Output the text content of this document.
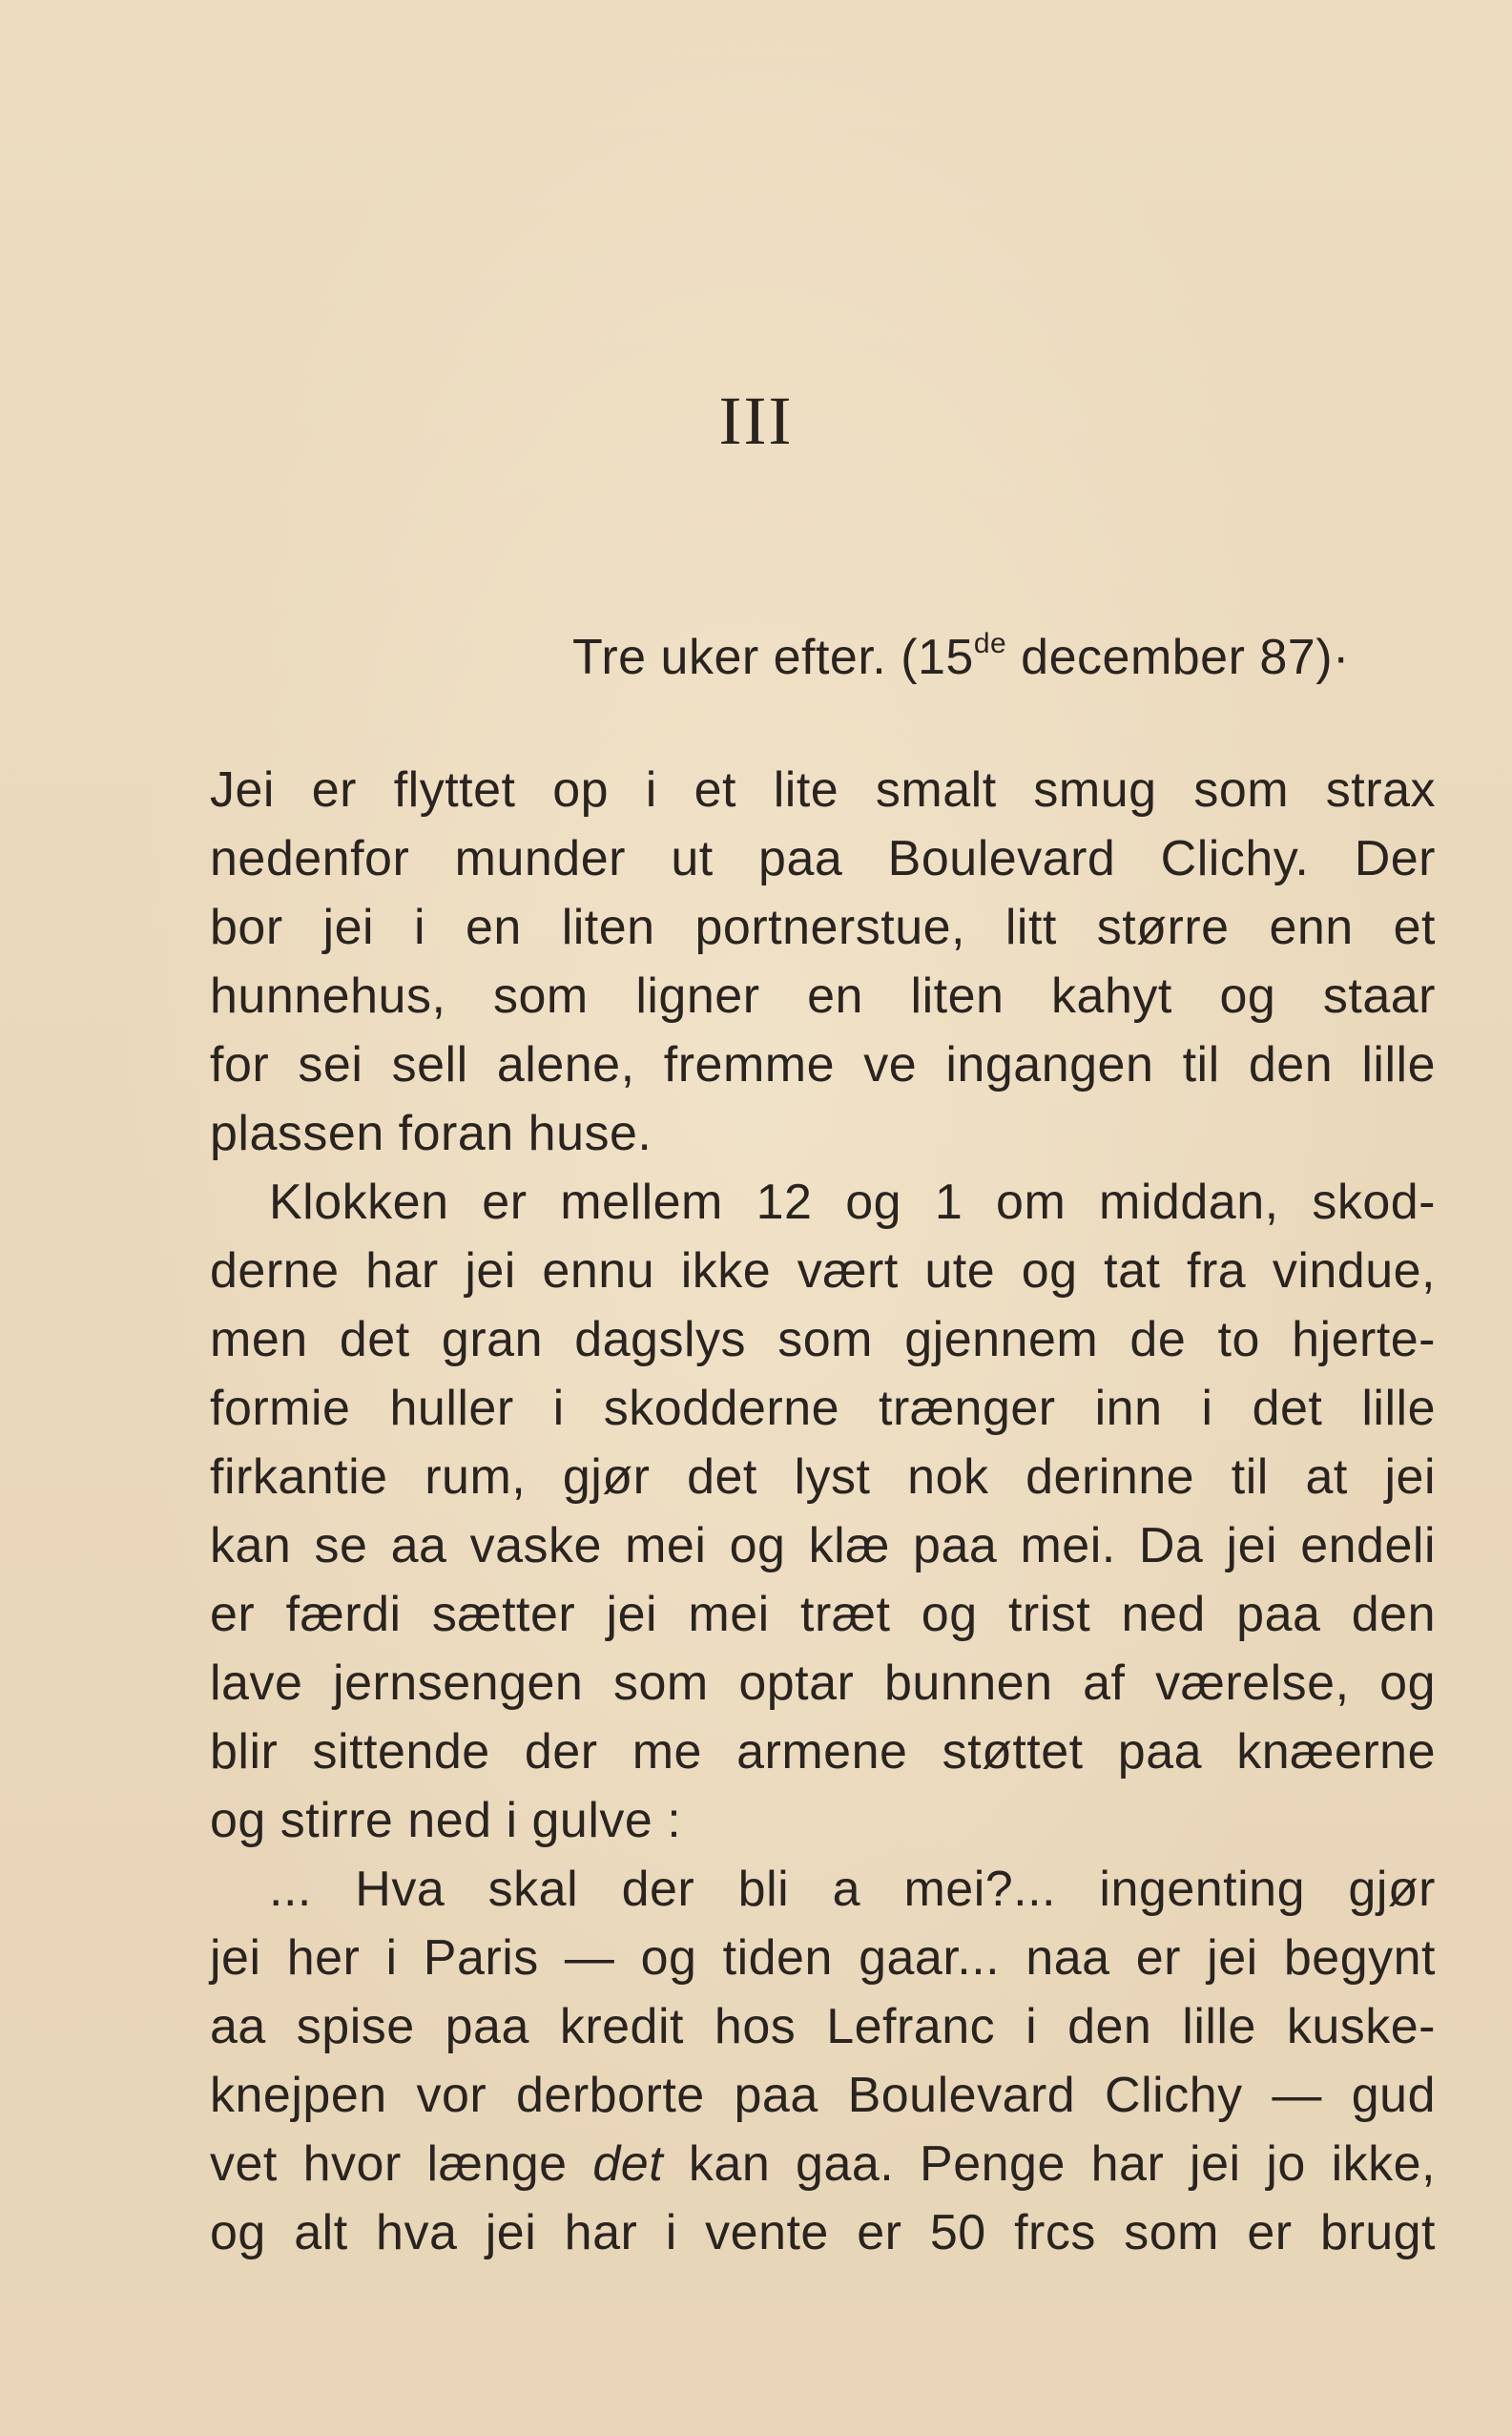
III
Tre uker efter. (15de december 87)·
Jei er flyttet op i et lite smalt smug som strax
nedenfor munder ut paa Boulevard Clichy. Der
bor jei i en liten portnerstue, litt større enn et
hunnehus, som ligner en liten kahyt og staar
for sei sell alene, fremme ve ingangen til den lille
plassen foran huse.
Klokken er mellem 12 og 1 om middan, skod-
derne har jei ennu ikke vært ute og tat fra vindue,
men det gran dagslys som gjennem de to hjerte-
formie huller i skodderne trænger inn i det lille
firkantie rum, gjør det lyst nok derinne til at jei
kan se aa vaske mei og klæ paa mei. Da jei endeli
er færdi sætter jei mei træt og trist ned paa den
lave jernsengen som optar bunnen af værelse, og
blir sittende der me armene støttet paa knæerne
og stirre ned i gulve :
... Hva skal der bli a mei?... ingenting gjør
jei her i Paris — og tiden gaar... naa er jei begynt
aa spise paa kredit hos Lefranc i den lille kuske-
knejpen vor derborte paa Boulevard Clichy — gud
vet hvor længe det kan gaa. Penge har jei jo ikke,
og alt hva jei har i vente er 50 frcs som er brugt
